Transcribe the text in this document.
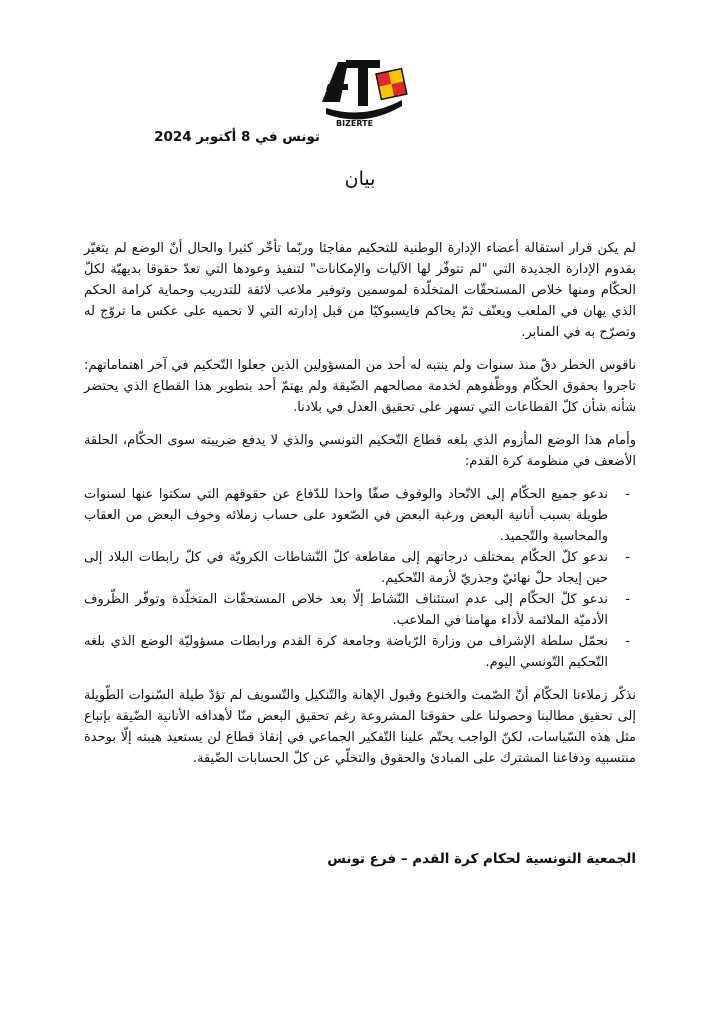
BIZERTE
تونس في 8 أكتوبر 2024
بيان

لم يكن قرار استقالة أعضاء الإدارة الوطنية للتحكيم مفاجئا وربّما تأخّر كثيرا والحال أنّ الوضع لم يتغيّر بقدوم الإدارة الجديدة التي "لم تتوفّر لها الآليات والإمكانات" لتنفيذ وعودها التي تعدّ حقوقا بديهيّة لكلّ الحكّام ومنها خلاص المستحقّات المتخلّدة لموسمين وتوفير ملاعب لائقة للتدريب وحماية كرامة الحكم الذي يهان في الملعب ويعنّف ثمّ يحاكم فايسبوكيّا من قبل إدارته التي لا تحميه على عكس ما تروّج له وتصرّح به في المنابر.

ناقوس الخطر دقّ منذ سنوات ولم ينتبه له أحد من المسؤولين الذين جعلوا التّحكيم في آخر اهتماماتهم: تاجروا بحقوق الحكّام ووظّفوهم لخدمة مصالحهم الضّيقة ولم يهتمّ أحد بتطوير هذا القطاع الذي يحتضر شأنه شأن كلّ القطاعات التي تسهر على تحقيق العدل في بلادنا.

وأمام هذا الوضع المأزوم الذي بلغه قطاع التّحكيم التونسي والذي لا يدفع ضريبته سوى الحكّام، الحلقة الأضعف في منظومة كرة القدم:

- ندعو جميع الحكّام إلى الاتّحاد والوقوف صفّا واحدا للدّفاع عن حقوقهم التي سكتوا عنها لسنوات طويلة بسبب أنانية البعض ورغبة البعض في الصّعود على حساب زملائه وخوف البعض من العقاب والمحاسبة والتّجميد.
- ندعو كلّ الحكّام بمختلف درجاتهم إلى مقاطعة كلّ النّشاطات الكرويّة في كلّ رابطات البلاد إلى حين إيجاد حلّ نهائيّ وجذريّ لأزمة التّحكيم.
- ندعو كلّ الحكّام إلى عدم استئناف النّشاط إلّا بعد خلاص المستحقّات المتخلّدة وتوفّر الظّروف الأدميّة الملائمة لأداء مهامنا في الملاعب.
- نحمّل سلطة الإشراف من وزارة الرّياضة وجامعة كرة القدم ورابطات مسؤوليّة الوضع الذي بلغه التّحكيم التّونسي اليوم.

نذكّر زملاءنا الحكّام أنّ الصّمت والخنوع وقبول الإهانة والتّنكيل والتّسويف لم تؤدّ طيلة السّنوات الطّويلة إلى تحقيق مطالبنا وحصولنا على حقوقنا المشروعة رغم تحقيق البعض منّا لأهدافه الأنانية الضّيقة بإتباع مثل هذه السّياسات، لكنّ الواجب يحتّم علينا التّفكير الجماعي في إنقاذ قطاع لن يستعيد هيبته إلّا بوحدة منتسبيه ودفاعنا المشترك على المبادئ والحقوق والتخلّي عن كلّ الحسابات الضّيقة.

الجمعية التونسية لحكام كرة القدم – فرع تونس
